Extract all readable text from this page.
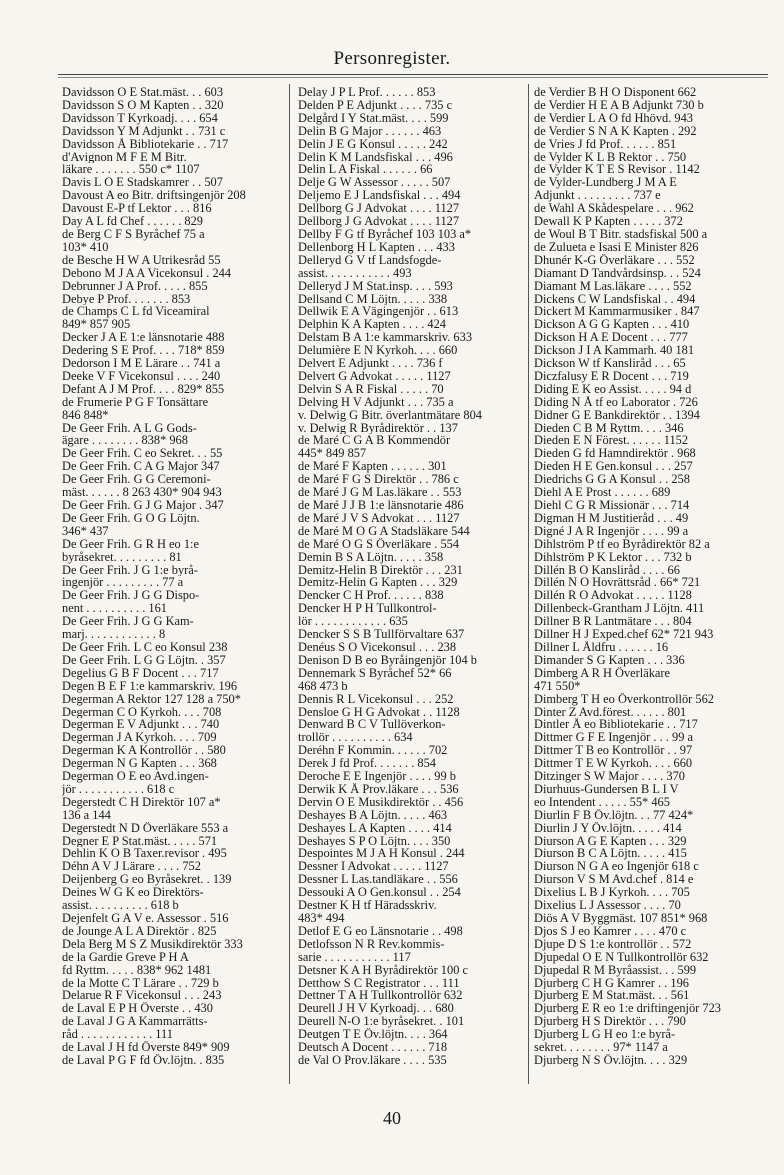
Personregister.
Davidsson O E Stat.mäst. . . 603
Davidsson S O M Kapten . . 320
Davidsson T Kyrkoadj. . . . 654
Davidsson Y M Adjunkt . . 731 c
Davidsson Å Bibliotekarie . . 717
d'Avignon M F E M Bitr.
läkare . . . . . . . 550 c* 1107
Davis L O E Stadskamrer . . 507
Davoust A eo Bitr. driftsingenjör 208
Davoust E-P tf Lektor . . . 816
Day A L fd Chef . . . . . . 829
de Berg C F S Byråchef 75 a
103* 410
de Besche H W A Utrikesråd 55
Debono M J A A Vicekonsul . 244
Debrunner J A Prof. . . . . 855
Debye P Prof. . . . . . . 853
de Champs C L fd Viceamiral
849* 857 905
Decker J A E 1:e länsnotarie 488
Dedering S E Prof. . . . 718* 859
Dedorson I M E Lärare . . 741 a
Deeke V F Vicekonsul . . . . 240
Defant A J M Prof. . . . 829* 855
de Frumerie P G F Tonsättare
846 848*
De Geer Frih. A L G Gods-
ägare . . . . . . . . 838* 968
De Geer Frih. C eo Sekret. . . 55
De Geer Frih. C A G Major 347
De Geer Frih. G G Ceremoni-
mäst. . . . . . 8 263 430* 904 943
De Geer Frih. G J G Major . 347
De Geer Frih. G O G Löjtn.
346* 437
De Geer Frih. G R H eo 1:e
byråsekret. . . . . . . . . 81
De Geer Frih. J G 1:e byrå-
ingenjör . . . . . . . . . 77 a
De Geer Frih. J G G Dispo-
nent . . . . . . . . . . 161
De Geer Frih. J G G Kam-
marj. . . . . . . . . . . . 8
De Geer Frih. L C eo Konsul 238
De Geer Frih. L G G Löjtn. . 357
Degelius G B F Docent . . . 717
Degen B E F 1:e kammarskriv. 196
Degerman A Rektor 127 128 a 750*
Degerman C O Kyrkoh. . . . 708
Degerman E V Adjunkt . . . 740
Degerman J A Kyrkoh. . . . 709
Degerman K A Kontrollör . . 580
Degerman N G Kapten . . . 368
Degerman O E eo Avd.ingen-
jör . . . . . . . . . . . 618 c
Degerstedt C H Direktör 107 a*
136 a 144
Degerstedt N D Överläkare 553 a
Degner E P Stat.mäst. . . . . 571
Dehlin K O B Taxer.revisor . 495
Déhn A V J Lärare . . . . 752
Deijenberg G eo Byråsekret. . 139
Deines W G K eo Direktörs-
assist. . . . . . . . . . 618 b
Dejenfelt G A V e. Assessor . 516
de Jounge A L A Direktör . 825
Dela Berg M S Z Musikdirektör 333
de la Gardie Greve P H A
fd Ryttm. . . . . 838* 962 1481
de la Motte C T Lärare . . 729 b
Delarue R F Vicekonsul . . . 243
de Laval E P H Överste . . 430
de Laval J G A Kammarrätts-
råd . . . . . . . . . . . . 111
de Laval J H fd Överste 849* 909
de Laval P G F fd Öv.löjtn. . 835
Delay J P L Prof. . . . . . 853
Delden P E Adjunkt . . . . 735 c
Delgård I Y Stat.mäst. . . . 599
Delin B G Major . . . . . . 463
Delin J E G Konsul . . . . . 242
Delin K M Landsfiskal . . . 496
Delin L A Fiskal . . . . . . 66
Delje G W Assessor . . . . . 507
Deljemo E J Landsfiskal . . . 494
Dellborg G J Advokat . . . . 1127
Dellborg J G Advokat . . . . 1127
Dellby F G tf Byråchef 103 103 a*
Dellenborg H L Kapten . . . 433
Delleryd G V tf Landsfogde-
assist. . . . . . . . . . . 493
Delleryd J M Stat.insp. . . . 593
Dellsand C M Löjtn. . . . . 338
Dellwik E A Vägingenjör . . 613
Delphin K A Kapten . . . . 424
Delstam B A 1:e kammarskriv. 633
Delumière E N Kyrkoh. . . . 660
Delvert E Adjunkt . . . . 736 f
Delvert G Advokat . . . . . 1127
Delvin S A R Fiskal . . . . . 70
Delving H V Adjunkt . . . 735 a
v. Delwig G Bitr. överlantmätare 804
v. Delwig R Byrådirektör . . 137
de Maré C G A B Kommendör
445* 849 857
de Maré F Kapten . . . . . . 301
de Maré F G S Direktör . . 786 c
de Maré J G M Las.läkare . . 553
de Maré J J B 1:e länsnotarie 486
de Maré J V S Advokat . . . 1127
de Maré M O G A Stadsläkare 544
de Maré O G S Överläkare . 554
Demin B S A Löjtn. . . . . 358
Demitz-Helin B Direktör . . . 231
Demitz-Helin G Kapten . . . 329
Dencker C H Prof. . . . . . 838
Dencker H P H Tullkontrol-
lör . . . . . . . . . . . . 635
Dencker S S B Tullförvaltare 637
Denéus S O Vicekonsul . . . 238
Denison D B eo Byråingenjör 104 b
Dennemark S Byråchef 52* 66
468 473 b
Dennis R L Vicekonsul . . . 252
Densloe G H G Advokat . . 1128
Denward B C V Tullöverkon-
trollör . . . . . . . . . . 634
Deréhn F Kommin. . . . . . 702
Derek J fd Prof. . . . . . . 854
Deroche E E Ingenjör . . . . 99 b
Derwik K Å Prov.läkare . . . 536
Dervin O E Musikdirektör . . 456
Deshayes B A Löjtn. . . . . 463
Deshayes L A Kapten . . . . 414
Deshayes S P O Löjtn. . . . 350
Despointes M J A H Konsul . 244
Dessner I Advokat . . . . . 1127
Dessner L Las.tandläkare . . 556
Dessouki A O Gen.konsul . . 254
Destner K H tf Häradsskriv.
483* 494
Detlof E G eo Länsnotarie . . 498
Detlofsson N R Rev.kommis-
sarie . . . . . . . . . . . 117
Detsner K A H Byrådirektör 100 c
Detthow S C Registrator . . . 111
Dettner T A H Tullkontrollör 632
Deurell J H V Kyrkoadj. . . 680
Deurell N-O 1:e byråsekret. . 101
Deutgen T E Öv.löjtn. . . . 364
Deutsch A Docent . . . . . . 718
de Val O Prov.läkare . . . . 535
de Verdier B H O Disponent 662
de Verdier H E A B Adjunkt 730 b
de Verdier L A O fd Hhövd. 943
de Verdier S N A K Kapten . 292
de Vries J fd Prof. . . . . . 851
de Vylder K L B Rektor . . 750
de Vylder K T E S Revisor . 1142
de Vylder-Lundberg J M A E
Adjunkt . . . . . . . . . 737 e
de Wahl A Skådespelare . . . 962
Dewall K P Kapten . . . . . 372
de Woul B T Bitr. stadsfiskal 500 a
de Zulueta e Isasi E Minister 826
Dhunér K-G Överläkare . . . 552
Diamant D Tandvårdsinsp. . . 524
Diamant M Las.läkare . . . . 552
Dickens C W Landsfiskal . . 494
Dickert M Kammarmusiker . 847
Dickson A G G Kapten . . . 410
Dickson H A E Docent . . . 777
Dickson J I A Kammarh. 40 181
Dickson W tf Kanslіråd . . . 65
Diczfalusy E R Docent . . . 719
Diding E K eo Assist. . . . . 94 d
Diding N Å tf eo Laborator . 726
Didner G E Bankdirektör . . 1394
Dieden C B M Ryttm. . . . 346
Dieden E N Förest. . . . . . 1152
Dieden G fd Hamndirektör . 968
Dieden H E Gen.konsul . . . 257
Diedrichs G G A Konsul . . 258
Diehl A E Prost . . . . . . 689
Diehl C G R Missionär . . . 714
Digman H M Justitieråd . . . 49
Digné J A R Ingenjör . . . . 99 a
Dihlström P tf eo Byrådirektör 82 a
Dihlström P K Lektor . . . 732 b
Dillén B O Kanslіråd . . . . 66
Dillén N O Hovrättsråd . 66* 721
Dillén R O Advokat . . . . . 1128
Dillenbeck-Grantham J Löjtn. 411
Dillner B R Lantmätare . . . 804
Dillner H J Exped.chef 62* 721 943
Dillner L Åldfru . . . . . . 16
Dimander S G Kapten . . . 336
Dimberg A R H Överläkare
471 550*
Dimberg T H eo Överkontrollör 562
Dinter Z Avd.förest. . . . . . 801
Dintler Å eo Bibliotekarie . . 717
Dittmer G F E Ingenjör . . . 99 a
Dittmer T B eo Kontrollör . . 97
Dittmer T E W Kyrkoh. . . . 660
Ditzinger S W Major . . . . 370
Diurhuus-Gundersen B L I V
eo Intendent . . . . . 55* 465
Diurlin F B Öv.löjtn. . . 77 424*
Diurlin J Y Öv.löjtn. . . . . 414
Diurson A G E Kapten . . . 329
Diurson B C A Löjtn. . . . . 415
Diurson N G A eo Ingenjör 618 c
Diurson V S M Avd.chef . 814 e
Dixelius L B J Kyrkoh. . . . 705
Dixelius L J Assessor . . . . 70
Diös A V Byggmäst. 107 851* 968
Djos S J eo Kamrer . . . . 470 c
Djupe D S 1:e kontrollör . . 572
Djupedal O E N Tullkontrollör 632
Djupedal R M Byråassist. . . 599
Djurberg C H G Kamrer . . 196
Djurberg E M Stat.mäst. . . 561
Djurberg E R eo 1:e driftingenjör 723
Djurberg H S Direktör . . . 790
Djurberg L G H eo 1:e byrå-
sekret. . . . . . . . 97* 1147 a
Djurberg N S Öv.löjtn. . . . 329
40
